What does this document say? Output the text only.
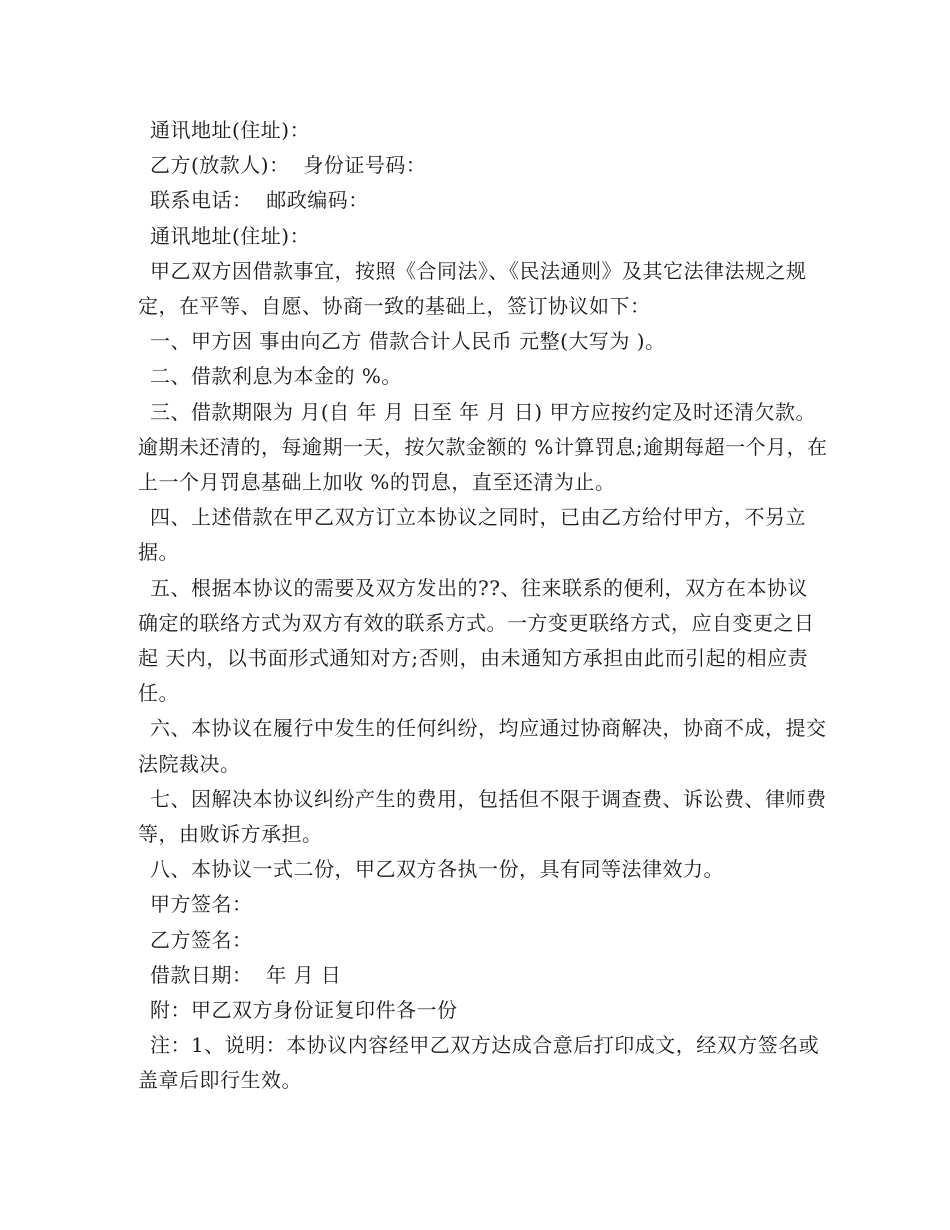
通讯地址(住址)：

乙方(放款人)：  身份证号码：

联系电话：  邮政编码：

通讯地址(住址)：

甲乙双方因借款事宜，按照《合同法》、《民法通则》及其它法律法规之规定，在平等、自愿、协商一致的基础上，签订协议如下：

一、甲方因 事由向乙方 借款合计人民币 元整(大写为 )。

二、借款利息为本金的 %。

三、借款期限为 月(自 年 月 日至 年 月 日) 甲方应按约定及时还清欠款。逾期未还清的，每逾期一天，按欠款金额的 %计算罚息;逾期每超一个月，在上一个月罚息基础上加收 %的罚息，直至还清为止。

四、上述借款在甲乙双方订立本协议之同时，已由乙方给付甲方，不另立据。

五、根据本协议的需要及双方发出的??、往来联系的便利，双方在本协议确定的联络方式为双方有效的联系方式。一方变更联络方式，应自变更之日起 天内，以书面形式通知对方;否则，由未通知方承担由此而引起的相应责任。

六、本协议在履行中发生的任何纠纷，均应通过协商解决，协商不成，提交法院裁决。

七、因解决本协议纠纷产生的费用，包括但不限于调查费、诉讼费、律师费等，由败诉方承担。

八、本协议一式二份，甲乙双方各执一份，具有同等法律效力。

甲方签名：

乙方签名：

借款日期：  年 月 日

附：甲乙双方身份证复印件各一份

注：1、说明：本协议内容经甲乙双方达成合意后打印成文，经双方签名或盖章后即行生效。
